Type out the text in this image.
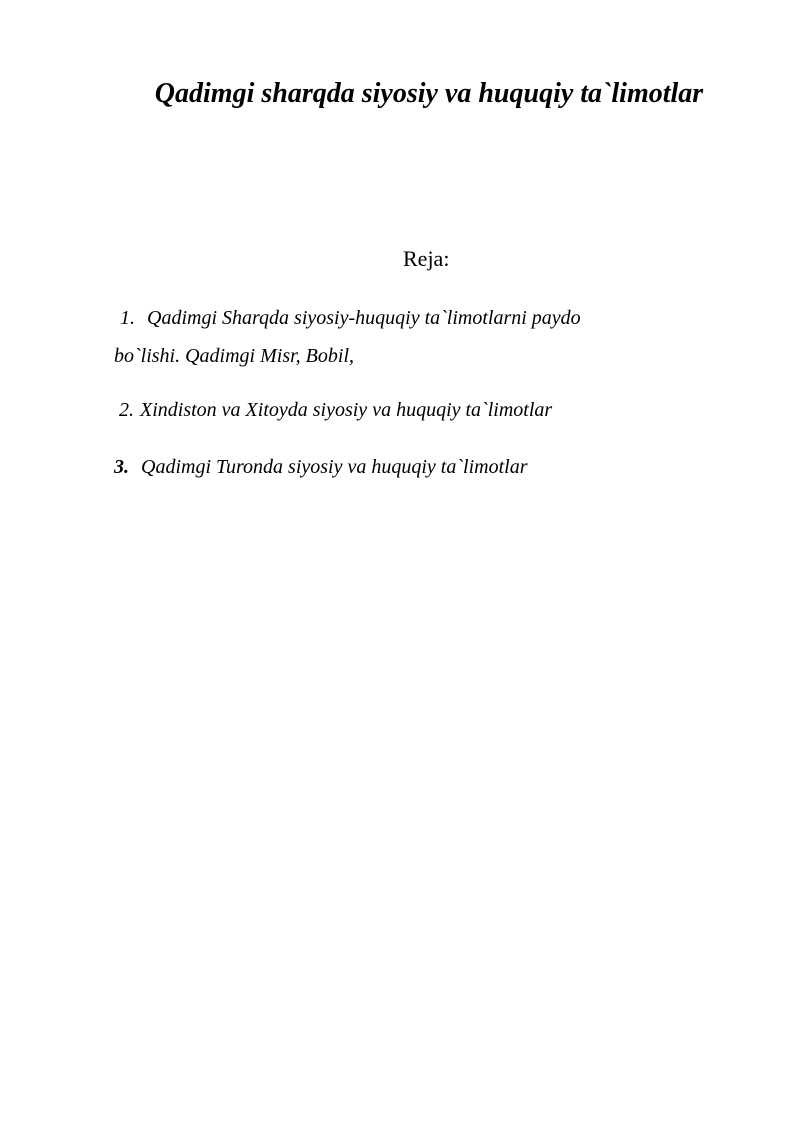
Qadimgi sharqda siyosiy va huquqiy ta`limotlar
Reja:
1. Qadimgi Sharqda siyosiy-huquqiy ta`limotlarni paydo
bo`lishi. Qadimgi Misr, Bobil,
2. Xindiston va Xitoyda siyosiy va huquqiy ta`limotlar
3. Qadimgi Turonda siyosiy va huquqiy ta`limotlar
